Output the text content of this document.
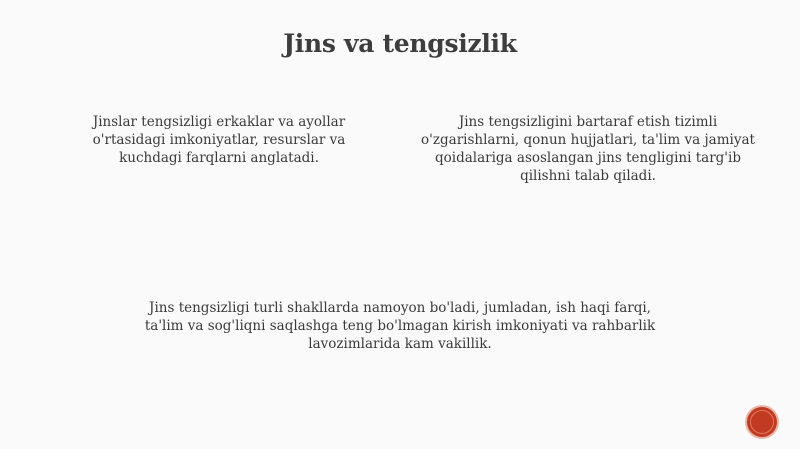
Jins va tengsizlik

Jinslar tengsizligi erkaklar va ayollar o'rtasidagi imkoniyatlar, resurslar va kuchdagi farqlarni anglatadi.

Jins tengsizligini bartaraf etish tizimli o'zgarishlarni, qonun hujjatlari, ta'lim va jamiyat qoidalariga asoslangan jins tengligini targ'ib qilishni talab qiladi.

Jins tengsizligi turli shakllarda namoyon bo'ladi, jumladan, ish haqi farqi, ta'lim va sog'liqni saqlashga teng bo'lmagan kirish imkoniyati va rahbarlik lavozimlarida kam vakillik.
